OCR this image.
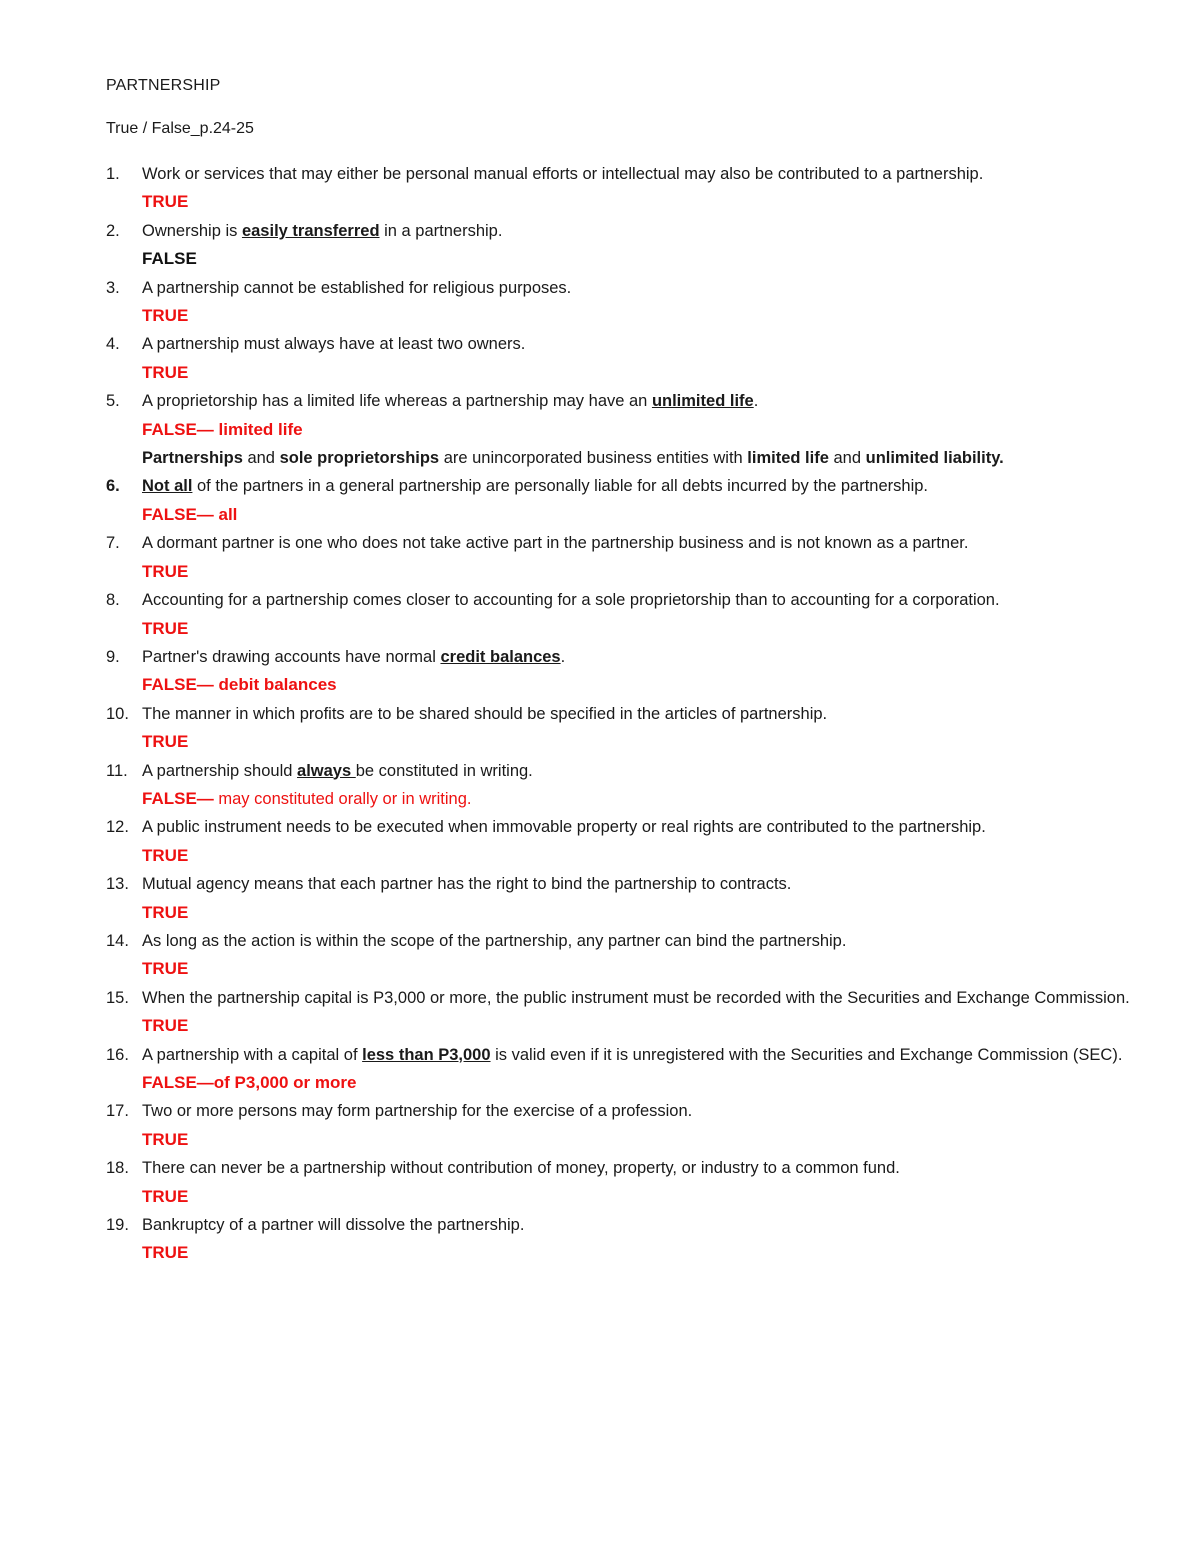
PARTNERSHIP
True / False_p.24-25
1. Work or services that may either be personal manual efforts or intellectual may also be contributed to a partnership.

TRUE

2. Ownership is easily transferred in a partnership.

FALSE

3. A partnership cannot be established for religious purposes.

TRUE

4. A partnership must always have at least two owners.

TRUE

5. A proprietorship has a limited life whereas a partnership may have an unlimited life.

FALSE— limited life

Partnerships and sole proprietorships are unincorporated business entities with limited life and unlimited liability.

6. Not all of the partners in a general partnership are personally liable for all debts incurred by the partnership.

FALSE— all

7. A dormant partner is one who does not take active part in the partnership business and is not known as a partner.

TRUE

8. Accounting for a partnership comes closer to accounting for a sole proprietorship than to accounting for a corporation.

TRUE

9. Partner's drawing accounts have normal credit balances.

FALSE— debit balances

10. The manner in which profits are to be shared should be specified in the articles of partnership.

TRUE

11. A partnership should always be constituted in writing.

FALSE— may constituted orally or in writing.

12. A public instrument needs to be executed when immovable property or real rights are contributed to the partnership.

TRUE

13. Mutual agency means that each partner has the right to bind the partnership to contracts.

TRUE

14. As long as the action is within the scope of the partnership, any partner can bind the partnership.

TRUE

15. When the partnership capital is P3,000 or more, the public instrument must be recorded with the Securities and Exchange Commission.

TRUE

16. A partnership with a capital of less than P3,000 is valid even if it is unregistered with the Securities and Exchange Commission (SEC).

FALSE—of P3,000 or more

17. Two or more persons may form partnership for the exercise of a profession.

TRUE

18. There can never be a partnership without contribution of money, property, or industry to a common fund.

TRUE

19. Bankruptcy of a partner will dissolve the partnership.

TRUE
